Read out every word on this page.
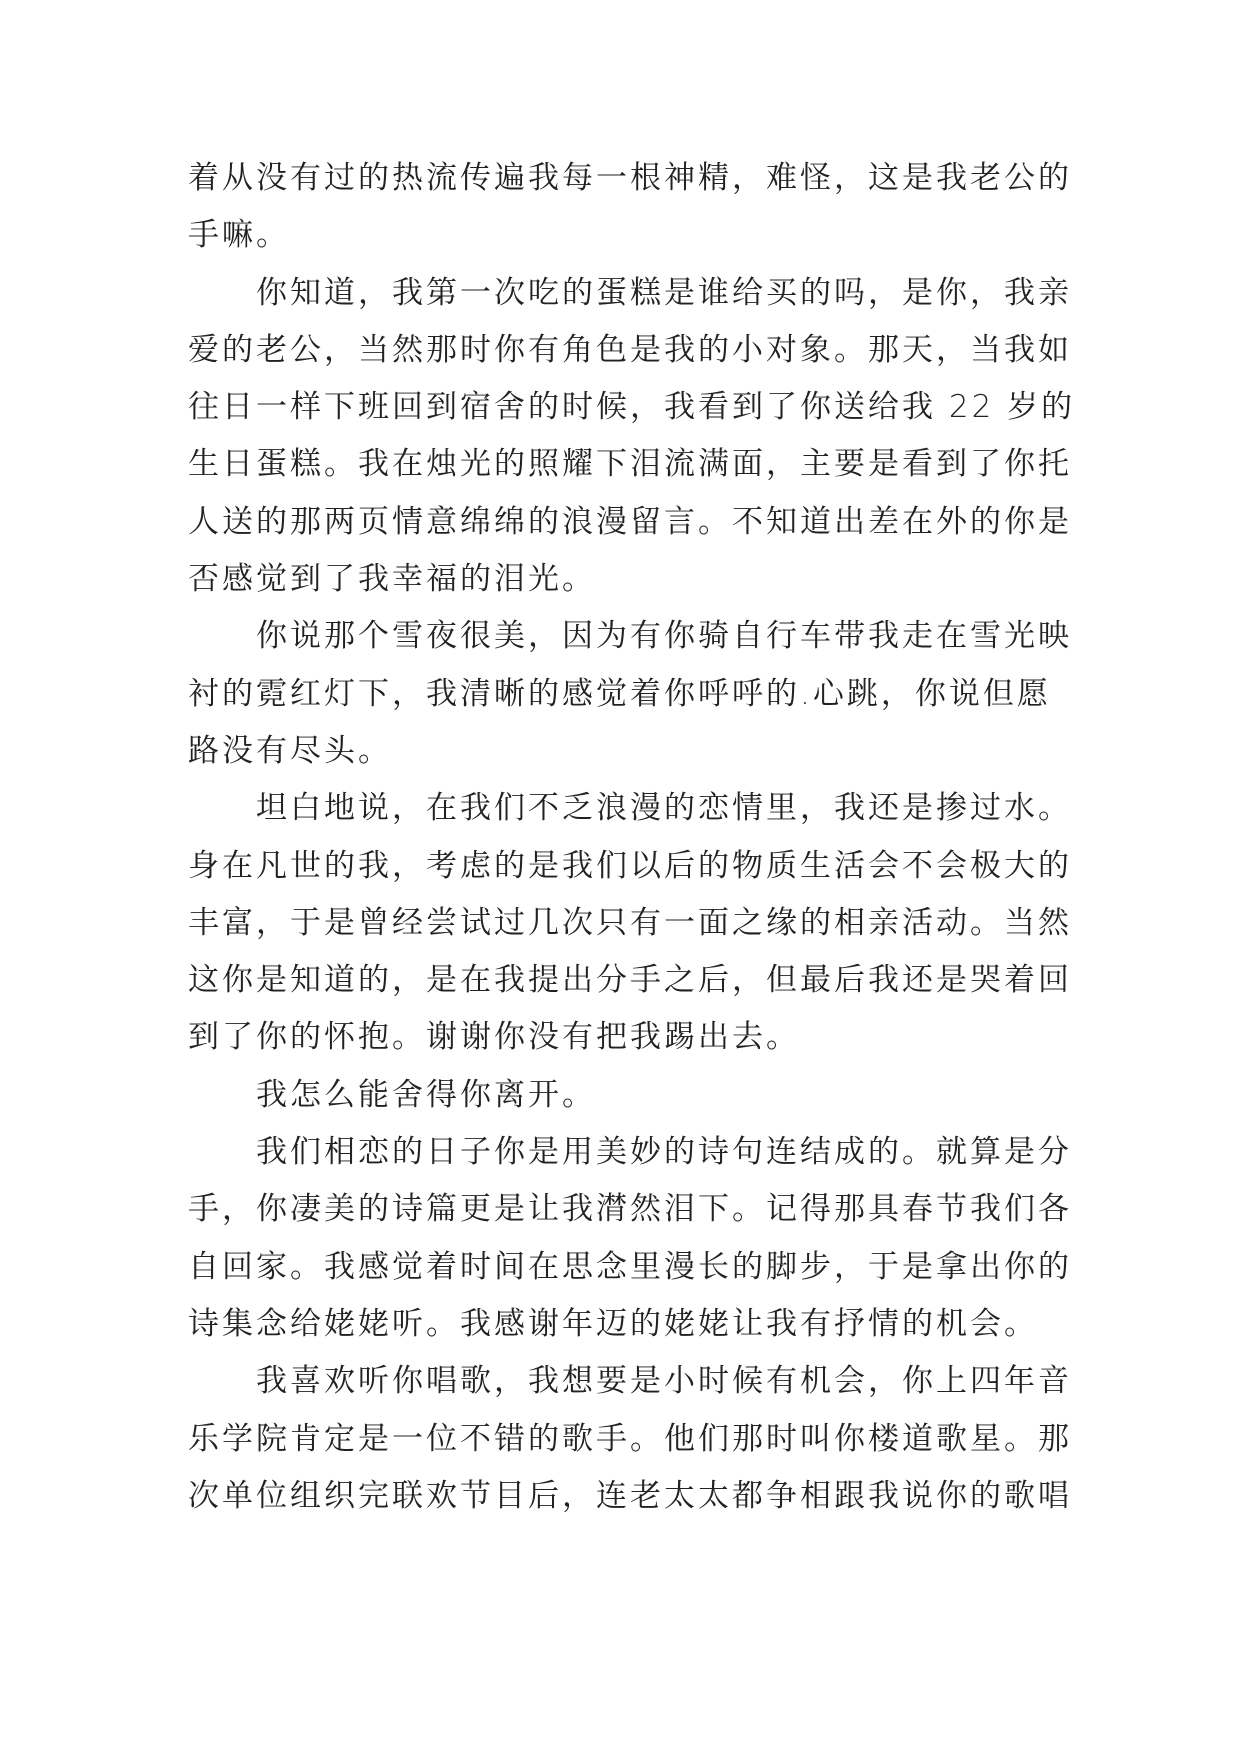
着从没有过的热流传遍我每一根神精，难怪，这是我老公的
手嘛。

　　你知道，我第一次吃的蛋糕是谁给买的吗，是你，我亲
爱的老公，当然那时你有角色是我的小对象。那天，当我如
往日一样下班回到宿舍的时候，我看到了你送给我 22 岁的
生日蛋糕。我在烛光的照耀下泪流满面，主要是看到了你托
人送的那两页情意绵绵的浪漫留言。不知道出差在外的你是
否感觉到了我幸福的泪光。

　　你说那个雪夜很美，因为有你骑自行车带我走在雪光映
衬的霓红灯下，我清晰的感觉着你呼呼的.心跳，你说但愿
路没有尽头。

　　坦白地说，在我们不乏浪漫的恋情里，我还是掺过水。
身在凡世的我，考虑的是我们以后的物质生活会不会极大的
丰富，于是曾经尝试过几次只有一面之缘的相亲活动。当然
这你是知道的，是在我提出分手之后，但最后我还是哭着回
到了你的怀抱。谢谢你没有把我踢出去。

　　我怎么能舍得你离开。

　　我们相恋的日子你是用美妙的诗句连结成的。就算是分
手，你凄美的诗篇更是让我潸然泪下。记得那具春节我们各
自回家。我感觉着时间在思念里漫长的脚步，于是拿出你的
诗集念给姥姥听。我感谢年迈的姥姥让我有抒情的机会。

　　我喜欢听你唱歌，我想要是小时候有机会，你上四年音
乐学院肯定是一位不错的歌手。他们那时叫你楼道歌星。那
次单位组织完联欢节目后，连老太太都争相跟我说你的歌唱
